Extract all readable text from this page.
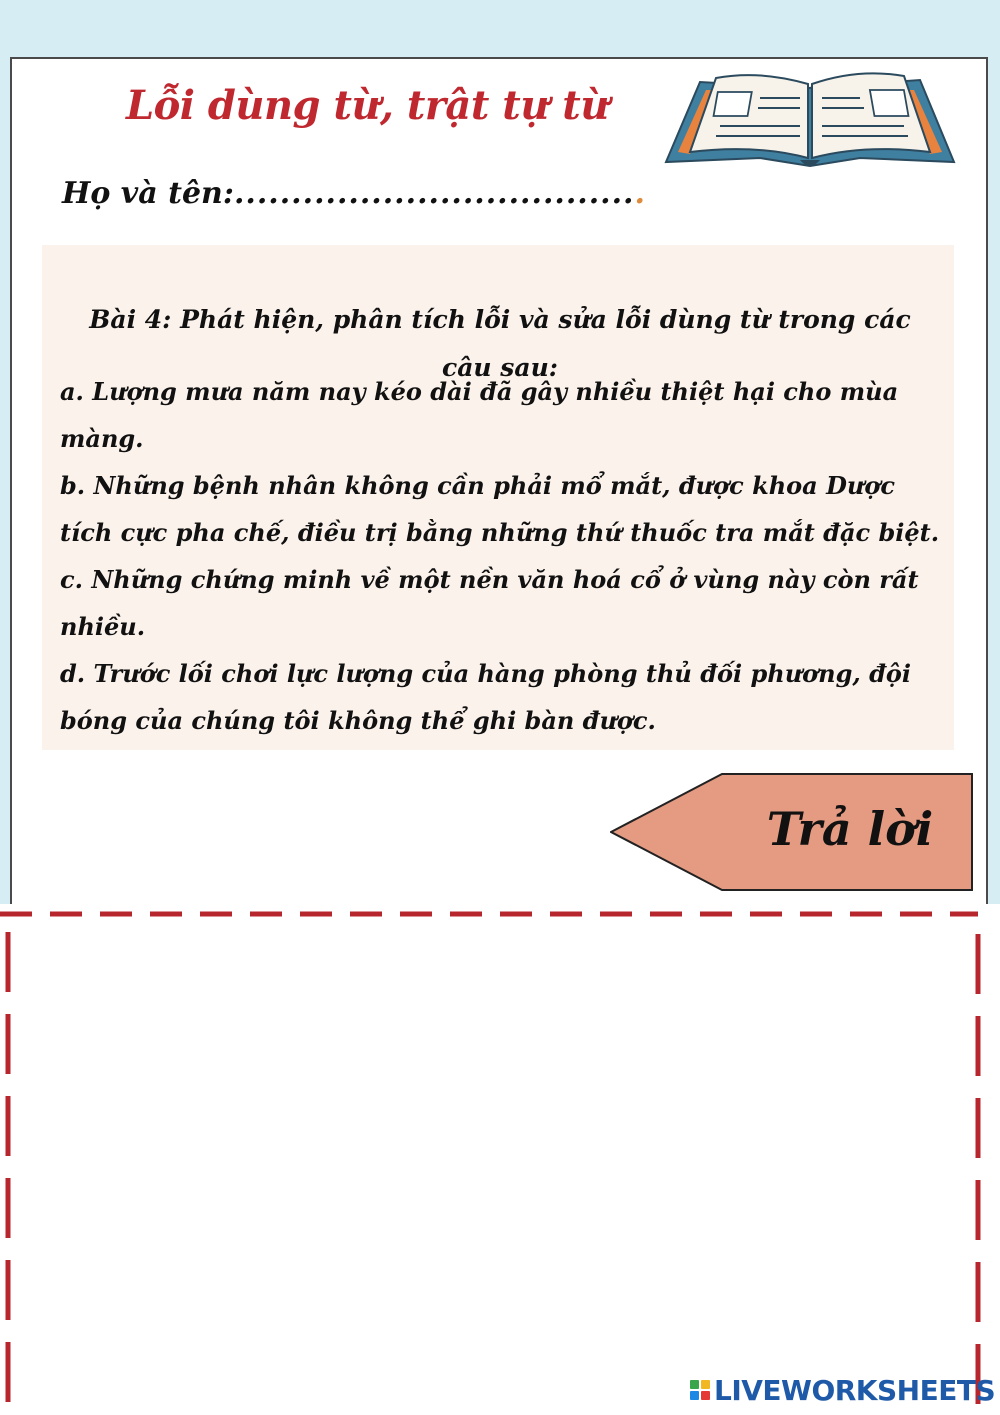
Lỗi dùng từ, trật tự từ
Họ và tên:....................................

Bài 4: Phát hiện, phân tích lỗi và sửa lỗi dùng từ trong các câu sau:

a. Lượng mưa năm nay kéo dài đã gây nhiều thiệt hại cho mùa màng.
b. Những bệnh nhân không cần phải mổ mắt, được khoa Dược tích cực pha chế, điều trị bằng những thứ thuốc tra mắt đặc biệt.
c. Những chứng minh về một nền văn hoá cổ ở vùng này còn rất nhiều.
d. Trước lối chơi lực lượng của hàng phòng thủ đối phương, đội bóng của chúng tôi không thể ghi bàn được.
Trả lời
LIVEWORKSHEETS
